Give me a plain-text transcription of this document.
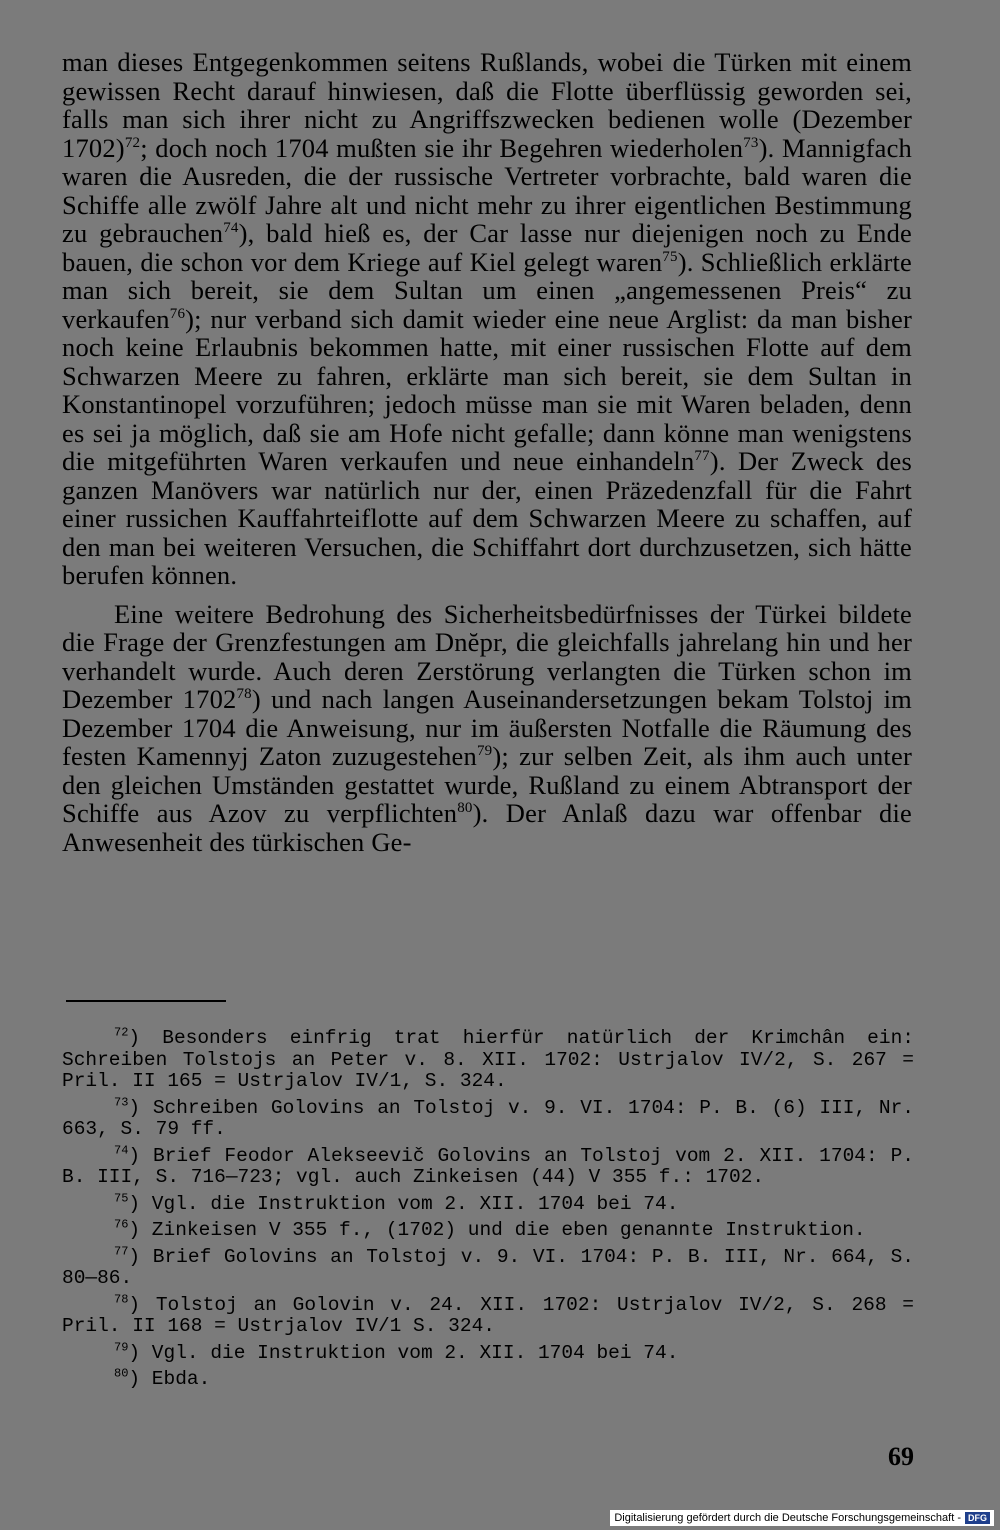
man dieses Entgegenkommen seitens Rußlands, wobei die Türken mit einem gewissen Recht darauf hinwiesen, daß die Flotte überflüssig geworden sei, falls man sich ihrer nicht zu Angriffszwecken bedienen wolle (Dezember 1702)$^{72}$; doch noch 1704 mußten sie ihr Begehren wiederholen$^{73}$). Mannigfach waren die Ausreden, die der russische Vertreter vorbrachte, bald waren die Schiffe alle zwölf Jahre alt und nicht mehr zu ihrer eigentlichen Bestimmung zu gebrauchen$^{74}$), bald hieß es, der Car lasse nur diejenigen noch zu Ende bauen, die schon vor dem Kriege auf Kiel gelegt waren$^{75}$). Schließlich erklärte man sich bereit, sie dem Sultan um einen „angemessenen Preis“ zu verkaufen$^{76}$); nur verband sich damit wieder eine neue Arglist: da man bisher noch keine Erlaubnis bekommen hatte, mit einer russischen Flotte auf dem Schwarzen Meere zu fahren, erklärte man sich bereit, sie dem Sultan in Konstantinopel vorzuführen; jedoch müsse man sie mit Waren beladen, denn es sei ja möglich, daß sie am Hofe nicht gefalle; dann könne man wenigstens die mitgeführten Waren verkaufen und neue einhandeln$^{77}$). Der Zweck des ganzen Manövers war natürlich nur der, einen Präzedenzfall für die Fahrt einer russichen Kauffahrteiflotte auf dem Schwarzen Meere zu schaffen, auf den man bei weiteren Versuchen, die Schiffahrt dort durchzusetzen, sich hätte berufen können.

Eine weitere Bedrohung des Sicherheitsbedürfnisses der Türkei bildete die Frage der Grenzfestungen am Dnĕpr, die gleichfalls jahrelang hin und her verhandelt wurde. Auch deren Zerstörung verlangten die Türken schon im Dezember 1702$^{78}$) und nach langen Auseinandersetzungen bekam Tolstoj im Dezember 1704 die Anweisung, nur im äußersten Notfalle die Räumung des festen Kamennyj Zaton zuzugestehen$^{79}$); zur selben Zeit, als ihm auch unter den gleichen Umständen gestattet wurde, Rußland zu einem Abtransport der Schiffe aus Azov zu verpflichten$^{80}$). Der Anlaß dazu war offenbar die Anwesenheit des türkischen Ge-

$^{72}$) Besonders einfrig trat hierfür natürlich der Krimchân ein: Schreiben Tolstojs an Peter v. 8. XII. 1702: Ustrjalov IV/2, S. 267 = Pril. II 165 = Ustrjalov IV/1, S. 324.

$^{73}$) Schreiben Golovins an Tolstoj v. 9. VI. 1704: P. B. (6) III, Nr. 663, S. 79 ff.

$^{74}$) Brief Feodor Alekseevič Golovins an Tolstoj vom 2. XII. 1704: P. B. III, S. 716—723; vgl. auch Zinkeisen (44) V 355 f.: 1702.

$^{75}$) Vgl. die Instruktion vom 2. XII. 1704 bei 74.

$^{76}$) Zinkeisen V 355 f., (1702) und die eben genannte Instruktion.

$^{77}$) Brief Golovins an Tolstoj v. 9. VI. 1704: P. B. III, Nr. 664, S. 80—86.

$^{78}$) Tolstoj an Golovin v. 24. XII. 1702: Ustrjalov IV/2, S. 268 = Pril. II 168 = Ustrjalov IV/1 S. 324.

$^{79}$) Vgl. die Instruktion vom 2. XII. 1704 bei 74.

$^{80}$) Ebda.

69
Digitalisierung gefördert durch die Deutsche Forschungsgemeinschaft - DFG
